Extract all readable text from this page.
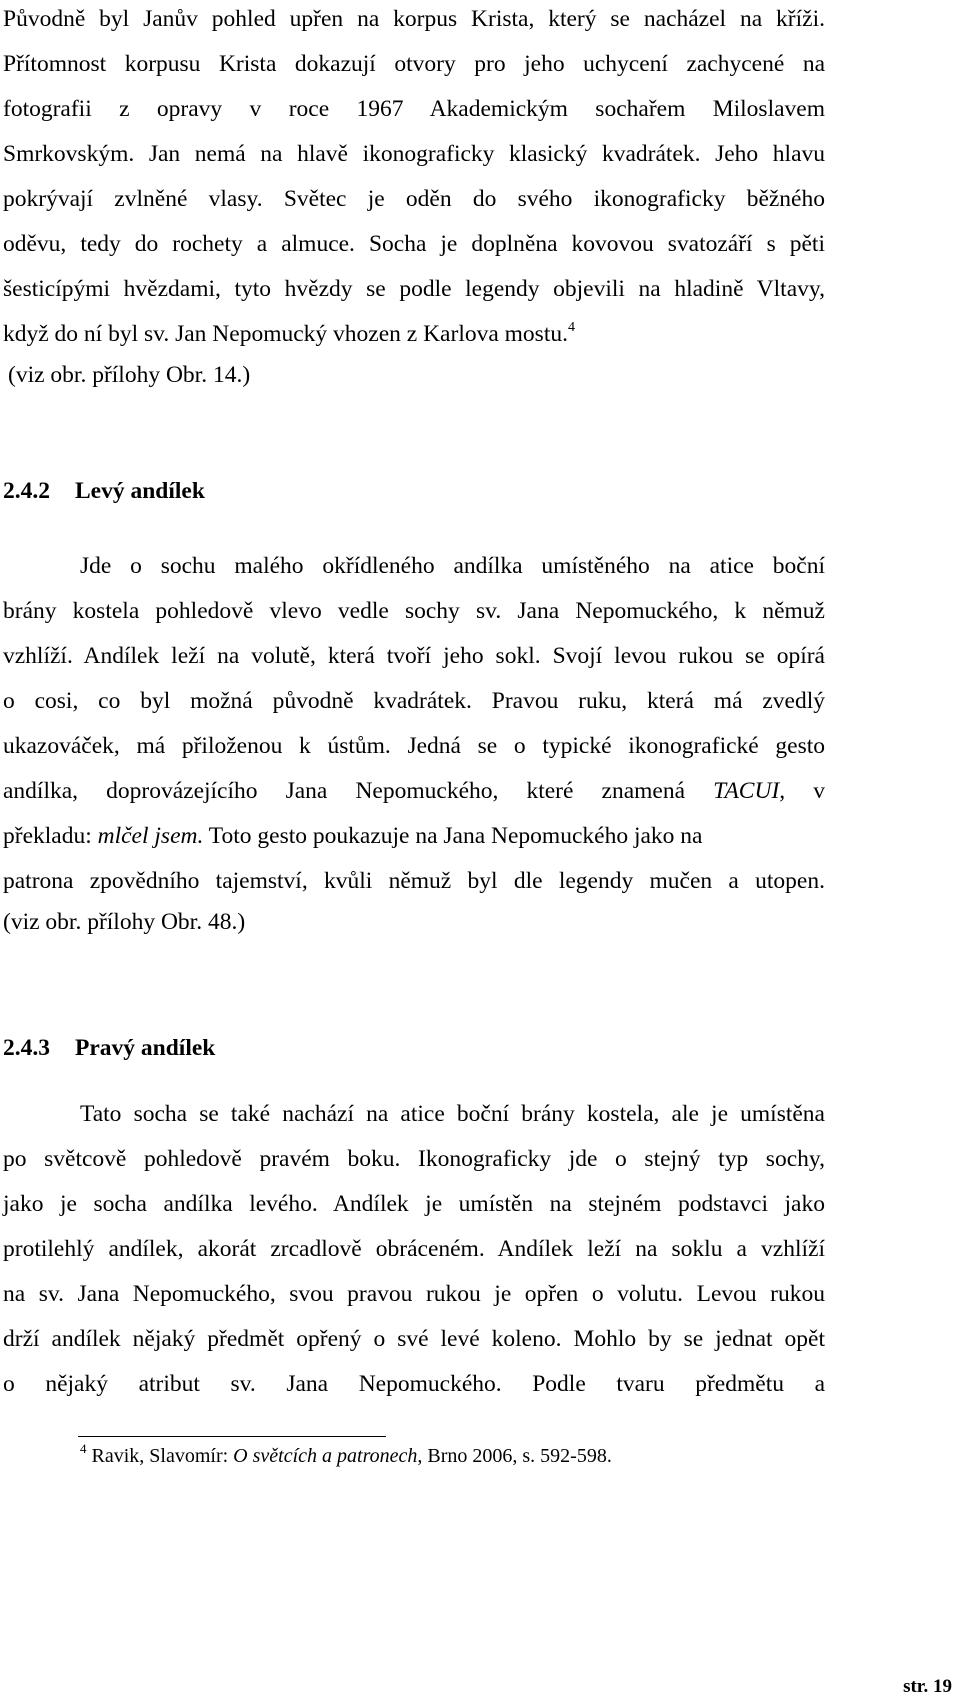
Původně byl Janův pohled upřen na korpus Krista, který se nacházel na kříži.
Přítomnost korpusu Krista dokazují otvory pro jeho uchycení zachycené na
fotografii z opravy v roce 1967 Akademickým sochařem Miloslavem
Smrkovským. Jan nemá na hlavě ikonograficky klasický kvadrátek. Jeho hlavu
pokrývají zvlněné vlasy. Světec je oděn do svého ikonograficky běžného
oděvu, tedy do rochety a almuce. Socha je doplněna kovovou svatozáří s pěti
šesticípými hvězdami, tyto hvězdy se podle legendy objevili na hladině Vltavy,
když do ní byl sv. Jan Nepomucký vhozen z Karlova mostu.$^4$
(viz obr. přílohy Obr. 14.)

2.4.2 Levý andílek

Jde o sochu malého okřídleného andílka umístěného na atice boční
brány kostela pohledově vlevo vedle sochy sv. Jana Nepomuckého, k němuž
vzhlíží. Andílek leží na volutě, která tvoří jeho sokl. Svojí levou rukou se opírá
o cosi, co byl možná původně kvadrátek. Pravou ruku, která má zvedlý
ukazováček, má přiloženou k ústům. Jedná se o typické ikonografické gesto
andílka, doprovázejícího Jana Nepomuckého, které znamená TACUI, v
překladu: mlčel jsem. Toto gesto poukazuje na Jana Nepomuckého jako na
patrona zpovědního tajemství, kvůli němuž byl dle legendy mučen a utopen.
(viz obr. přílohy Obr. 48.)

2.4.3 Pravý andílek

Tato socha se také nachází na atice boční brány kostela, ale je umístěna
po světcově pohledově pravém boku. Ikonograficky jde o stejný typ sochy,
jako je socha andílka levého. Andílek je umístěn na stejném podstavci jako
protilehlý andílek, akorát zrcadlově obráceném. Andílek leží na soklu a vzhlíží
na sv. Jana Nepomuckého, svou pravou rukou je opřen o volutu. Levou rukou
drží andílek nějaký předmět opřený o své levé koleno. Mohlo by se jednat opět
o nějaký atribut sv. Jana Nepomuckého. Podle tvaru předmětu a

$^4$ Ravik, Slavomír: O světcích a patronech, Brno 2006, s. 592-598.

str. 19
